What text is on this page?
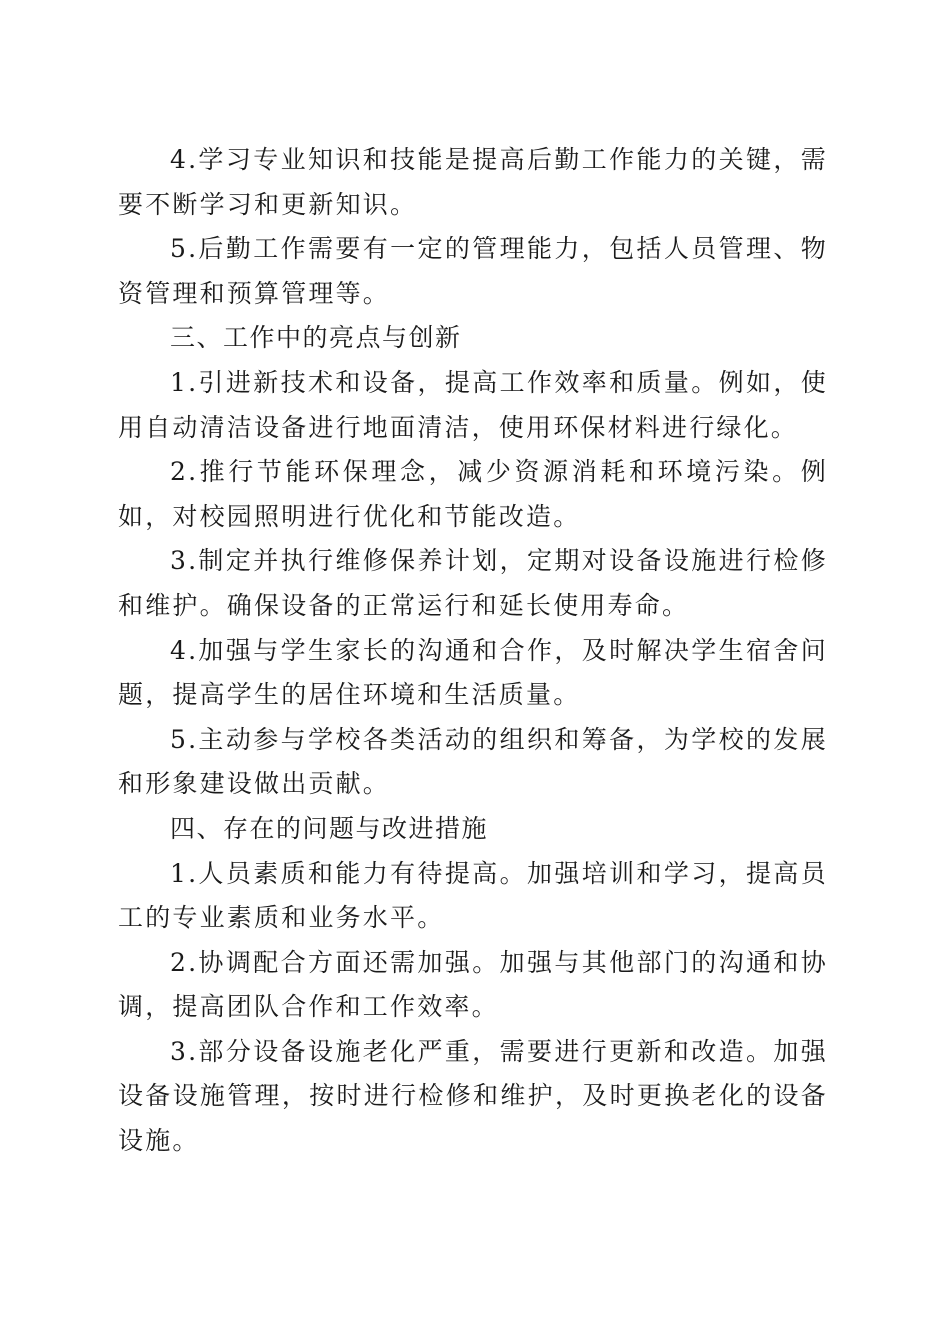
4.学习专业知识和技能是提高后勤工作能力的关键，需要不断学习和更新知识。

5.后勤工作需要有一定的管理能力，包括人员管理、物资管理和预算管理等。

三、工作中的亮点与创新

1.引进新技术和设备，提高工作效率和质量。例如，使用自动清洁设备进行地面清洁，使用环保材料进行绿化。

2.推行节能环保理念，减少资源消耗和环境污染。例如，对校园照明进行优化和节能改造。

3.制定并执行维修保养计划，定期对设备设施进行检修和维护。确保设备的正常运行和延长使用寿命。

4.加强与学生家长的沟通和合作，及时解决学生宿舍问题，提高学生的居住环境和生活质量。

5.主动参与学校各类活动的组织和筹备，为学校的发展和形象建设做出贡献。

四、存在的问题与改进措施

1.人员素质和能力有待提高。加强培训和学习，提高员工的专业素质和业务水平。

2.协调配合方面还需加强。加强与其他部门的沟通和协调，提高团队合作和工作效率。

3.部分设备设施老化严重，需要进行更新和改造。加强设备设施管理，按时进行检修和维护，及时更换老化的设备设施。
